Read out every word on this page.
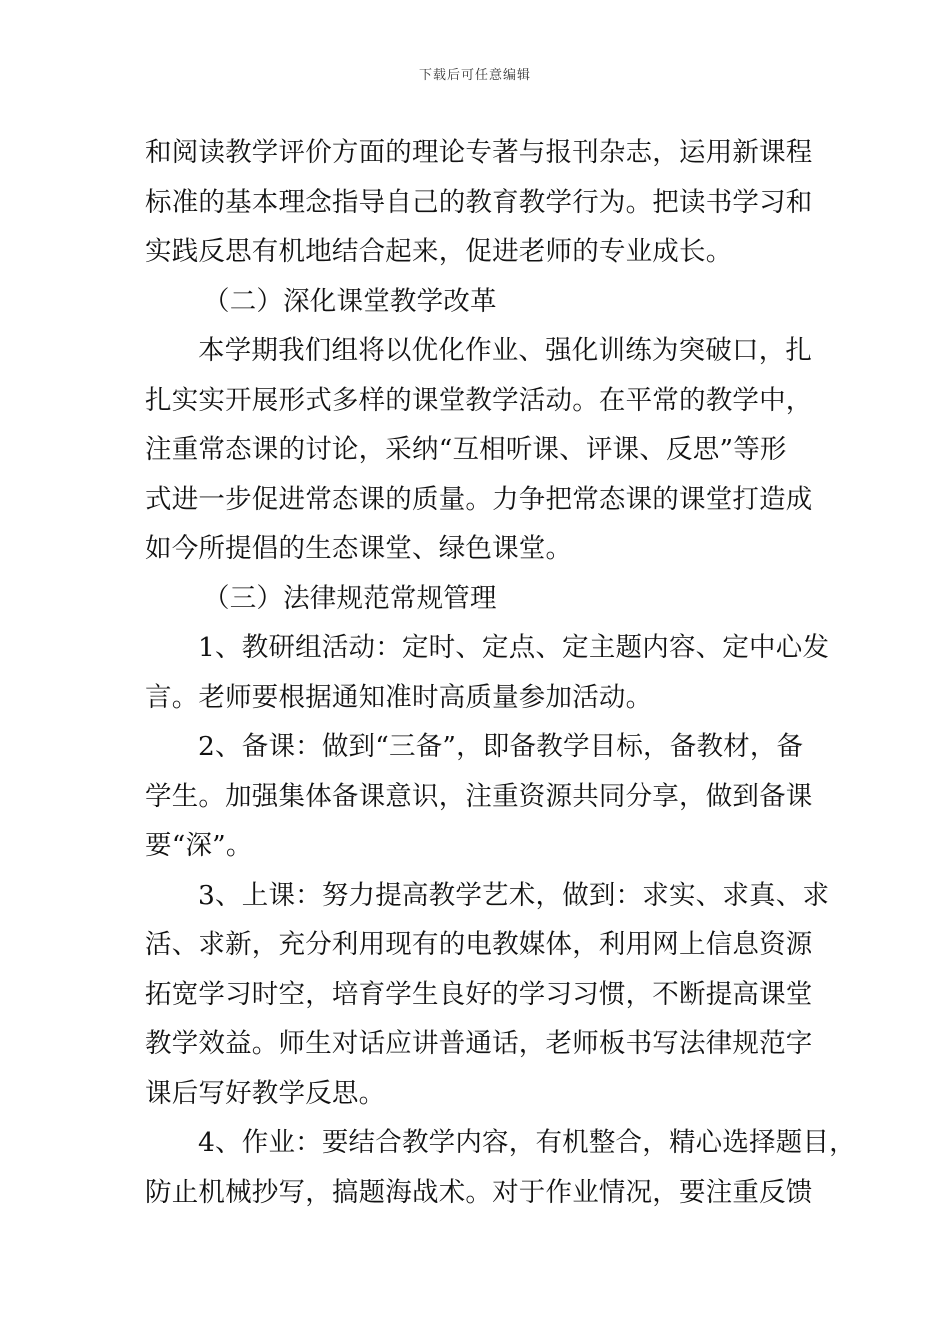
下载后可任意编辑
和阅读教学评价方面的理论专著与报刊杂志，运用新课程
标准的基本理念指导自己的教育教学行为。把读书学习和
实践反思有机地结合起来，促进老师的专业成长。
（二）深化课堂教学改革
本学期我们组将以优化作业、强化训练为突破口，扎
扎实实开展形式多样的课堂教学活动。在平常的教学中，
注重常态课的讨论，采纳“互相听课、评课、反思”等形
式进一步促进常态课的质量。力争把常态课的课堂打造成
如今所提倡的生态课堂、绿色课堂。
（三）法律规范常规管理
1、教研组活动：定时、定点、定主题内容、定中心发
言。老师要根据通知准时高质量参加活动。
2、备课：做到“三备”，即备教学目标，备教材，备
学生。加强集体备课意识，注重资源共同分享，做到备课
要“深”。
3、上课：努力提高教学艺术，做到：求实、求真、求
活、求新，充分利用现有的电教媒体，利用网上信息资源
拓宽学习时空，培育学生良好的学习习惯，不断提高课堂
教学效益。师生对话应讲普通话，老师板书写法律规范字
课后写好教学反思。
4、作业：要结合教学内容，有机整合，精心选择题目，
防止机械抄写，搞题海战术。对于作业情况，要注重反馈
